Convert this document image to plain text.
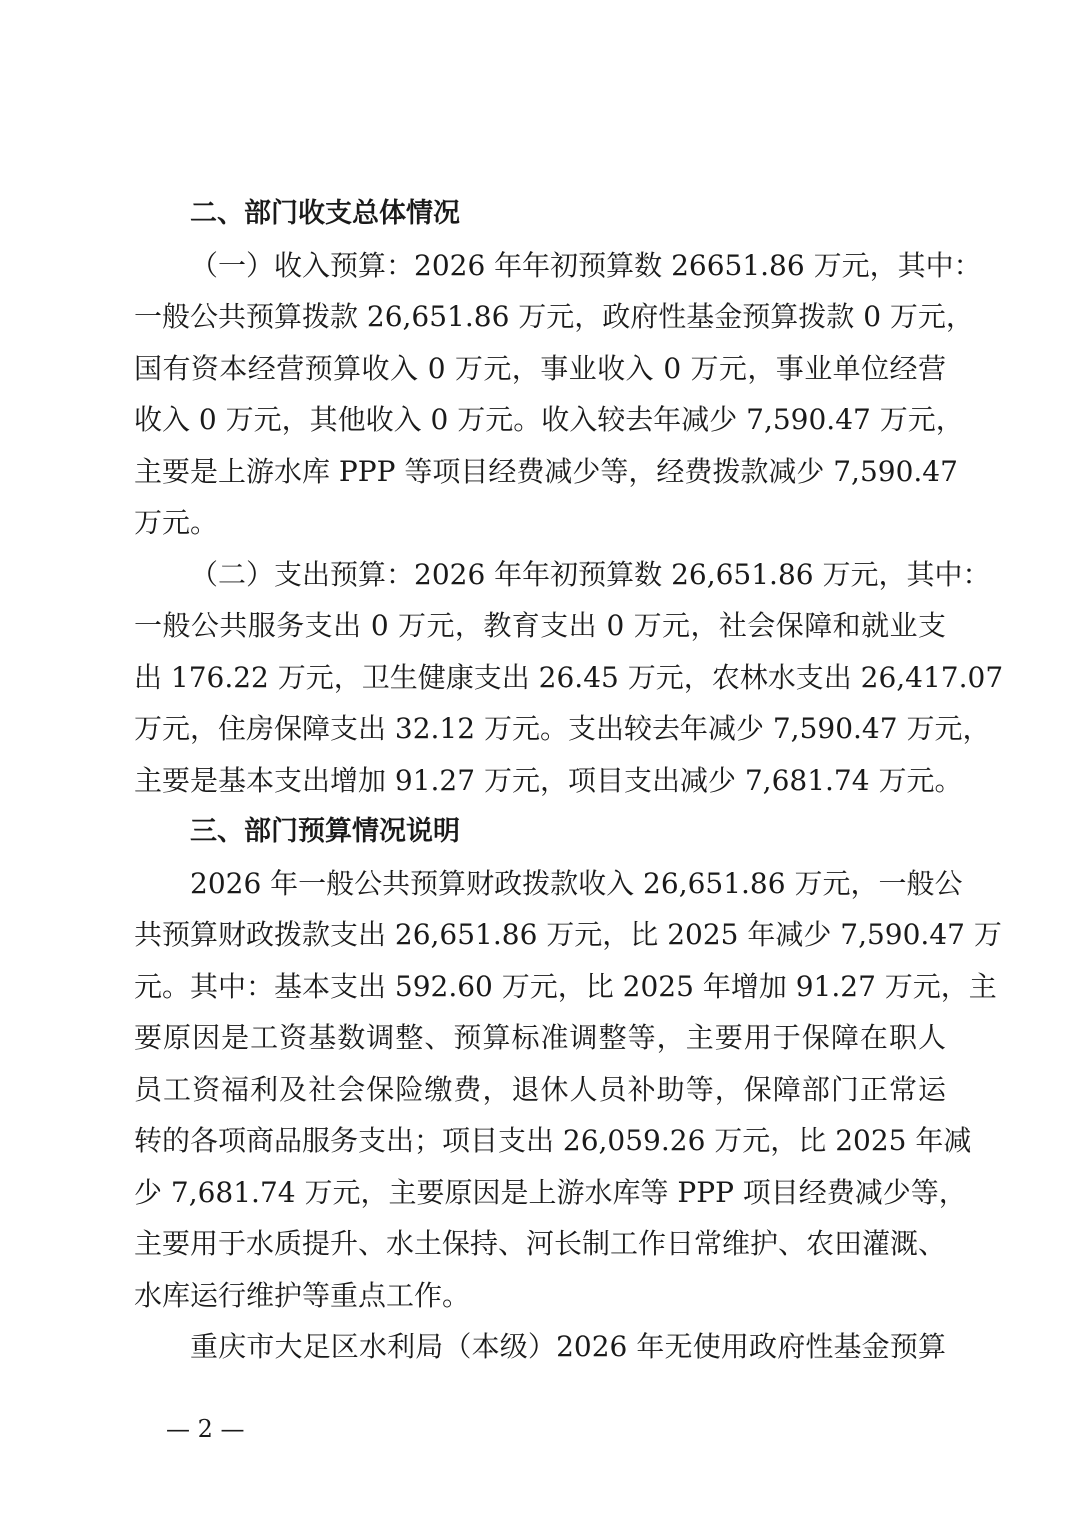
二、部门收支总体情况
（一）收入预算：2026 年年初预算数 26651.86 万元，其中：
一般公共预算拨款 26,651.86 万元，政府性基金预算拨款 0 万元，
国有资本经营预算收入 0 万元，事业收入 0 万元，事业单位经营
收入 0 万元，其他收入 0 万元。收入较去年减少 7,590.47 万元，
主要是上游水库 PPP 等项目经费减少等，经费拨款减少 7,590.47
万元。
（二）支出预算：2026 年年初预算数 26,651.86 万元，其中：
一般公共服务支出 0 万元，教育支出 0 万元，社会保障和就业支
出 176.22 万元，卫生健康支出 26.45 万元，农林水支出 26,417.07
万元，住房保障支出 32.12 万元。支出较去年减少 7,590.47 万元，
主要是基本支出增加 91.27 万元，项目支出减少 7,681.74 万元。
三、部门预算情况说明
2026 年一般公共预算财政拨款收入 26,651.86 万元，一般公
共预算财政拨款支出 26,651.86 万元，比 2025 年减少 7,590.47 万
元。其中：基本支出 592.60 万元，比 2025 年增加 91.27 万元，主
要原因是工资基数调整、预算标准调整等，主要用于保障在职人
员工资福利及社会保险缴费，退休人员补助等，保障部门正常运
转的各项商品服务支出；项目支出 26,059.26 万元，比 2025 年减
少 7,681.74 万元，主要原因是上游水库等 PPP 项目经费减少等，
主要用于水质提升、水土保持、河长制工作日常维护、农田灌溉、
水库运行维护等重点工作。
重庆市大足区水利局（本级）2026 年无使用政府性基金预算
— 2 —
